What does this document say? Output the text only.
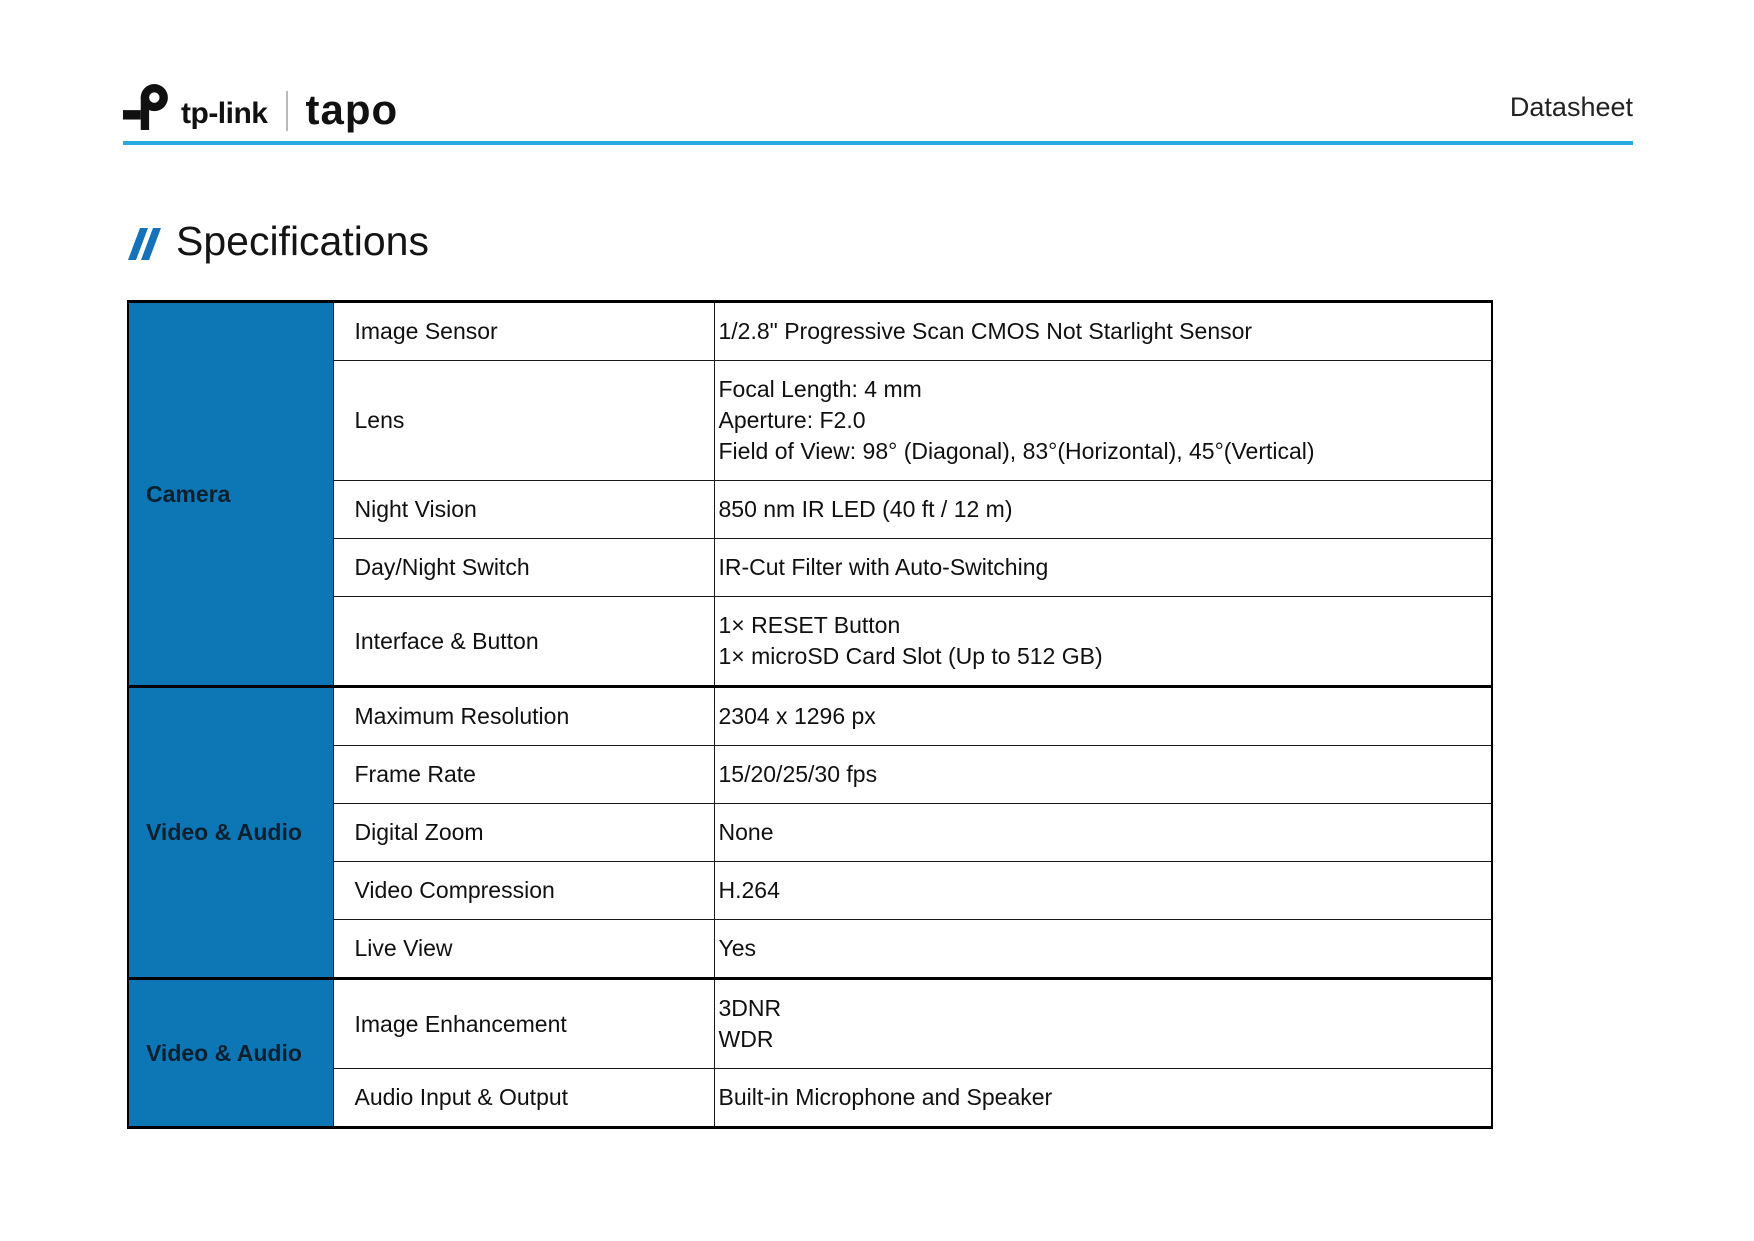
tp-link tapo	Datasheet
Specifications
Camera	Image Sensor	1/2.8" Progressive Scan CMOS Not Starlight Sensor

	Lens	Focal Length: 4 mm
Aperture: F2.0
Field of View: 98° (Diagonal), 83°(Horizontal), 45°(Vertical)

	Night Vision	850 nm IR LED (40 ft / 12 m)

	Day/Night Switch	IR-Cut Filter with Auto-Switching

	Interface & Button	1× RESET Button
1× microSD Card Slot (Up to 512 GB)

Video & Audio	Maximum Resolution	2304 x 1296 px

	Frame Rate	15/20/25/30 fps

	Digital Zoom	None

	Video Compression	H.264

	Live View	Yes

Video & Audio	Image Enhancement	3DNR
WDR

	Audio Input & Output	Built-in Microphone and Speaker
